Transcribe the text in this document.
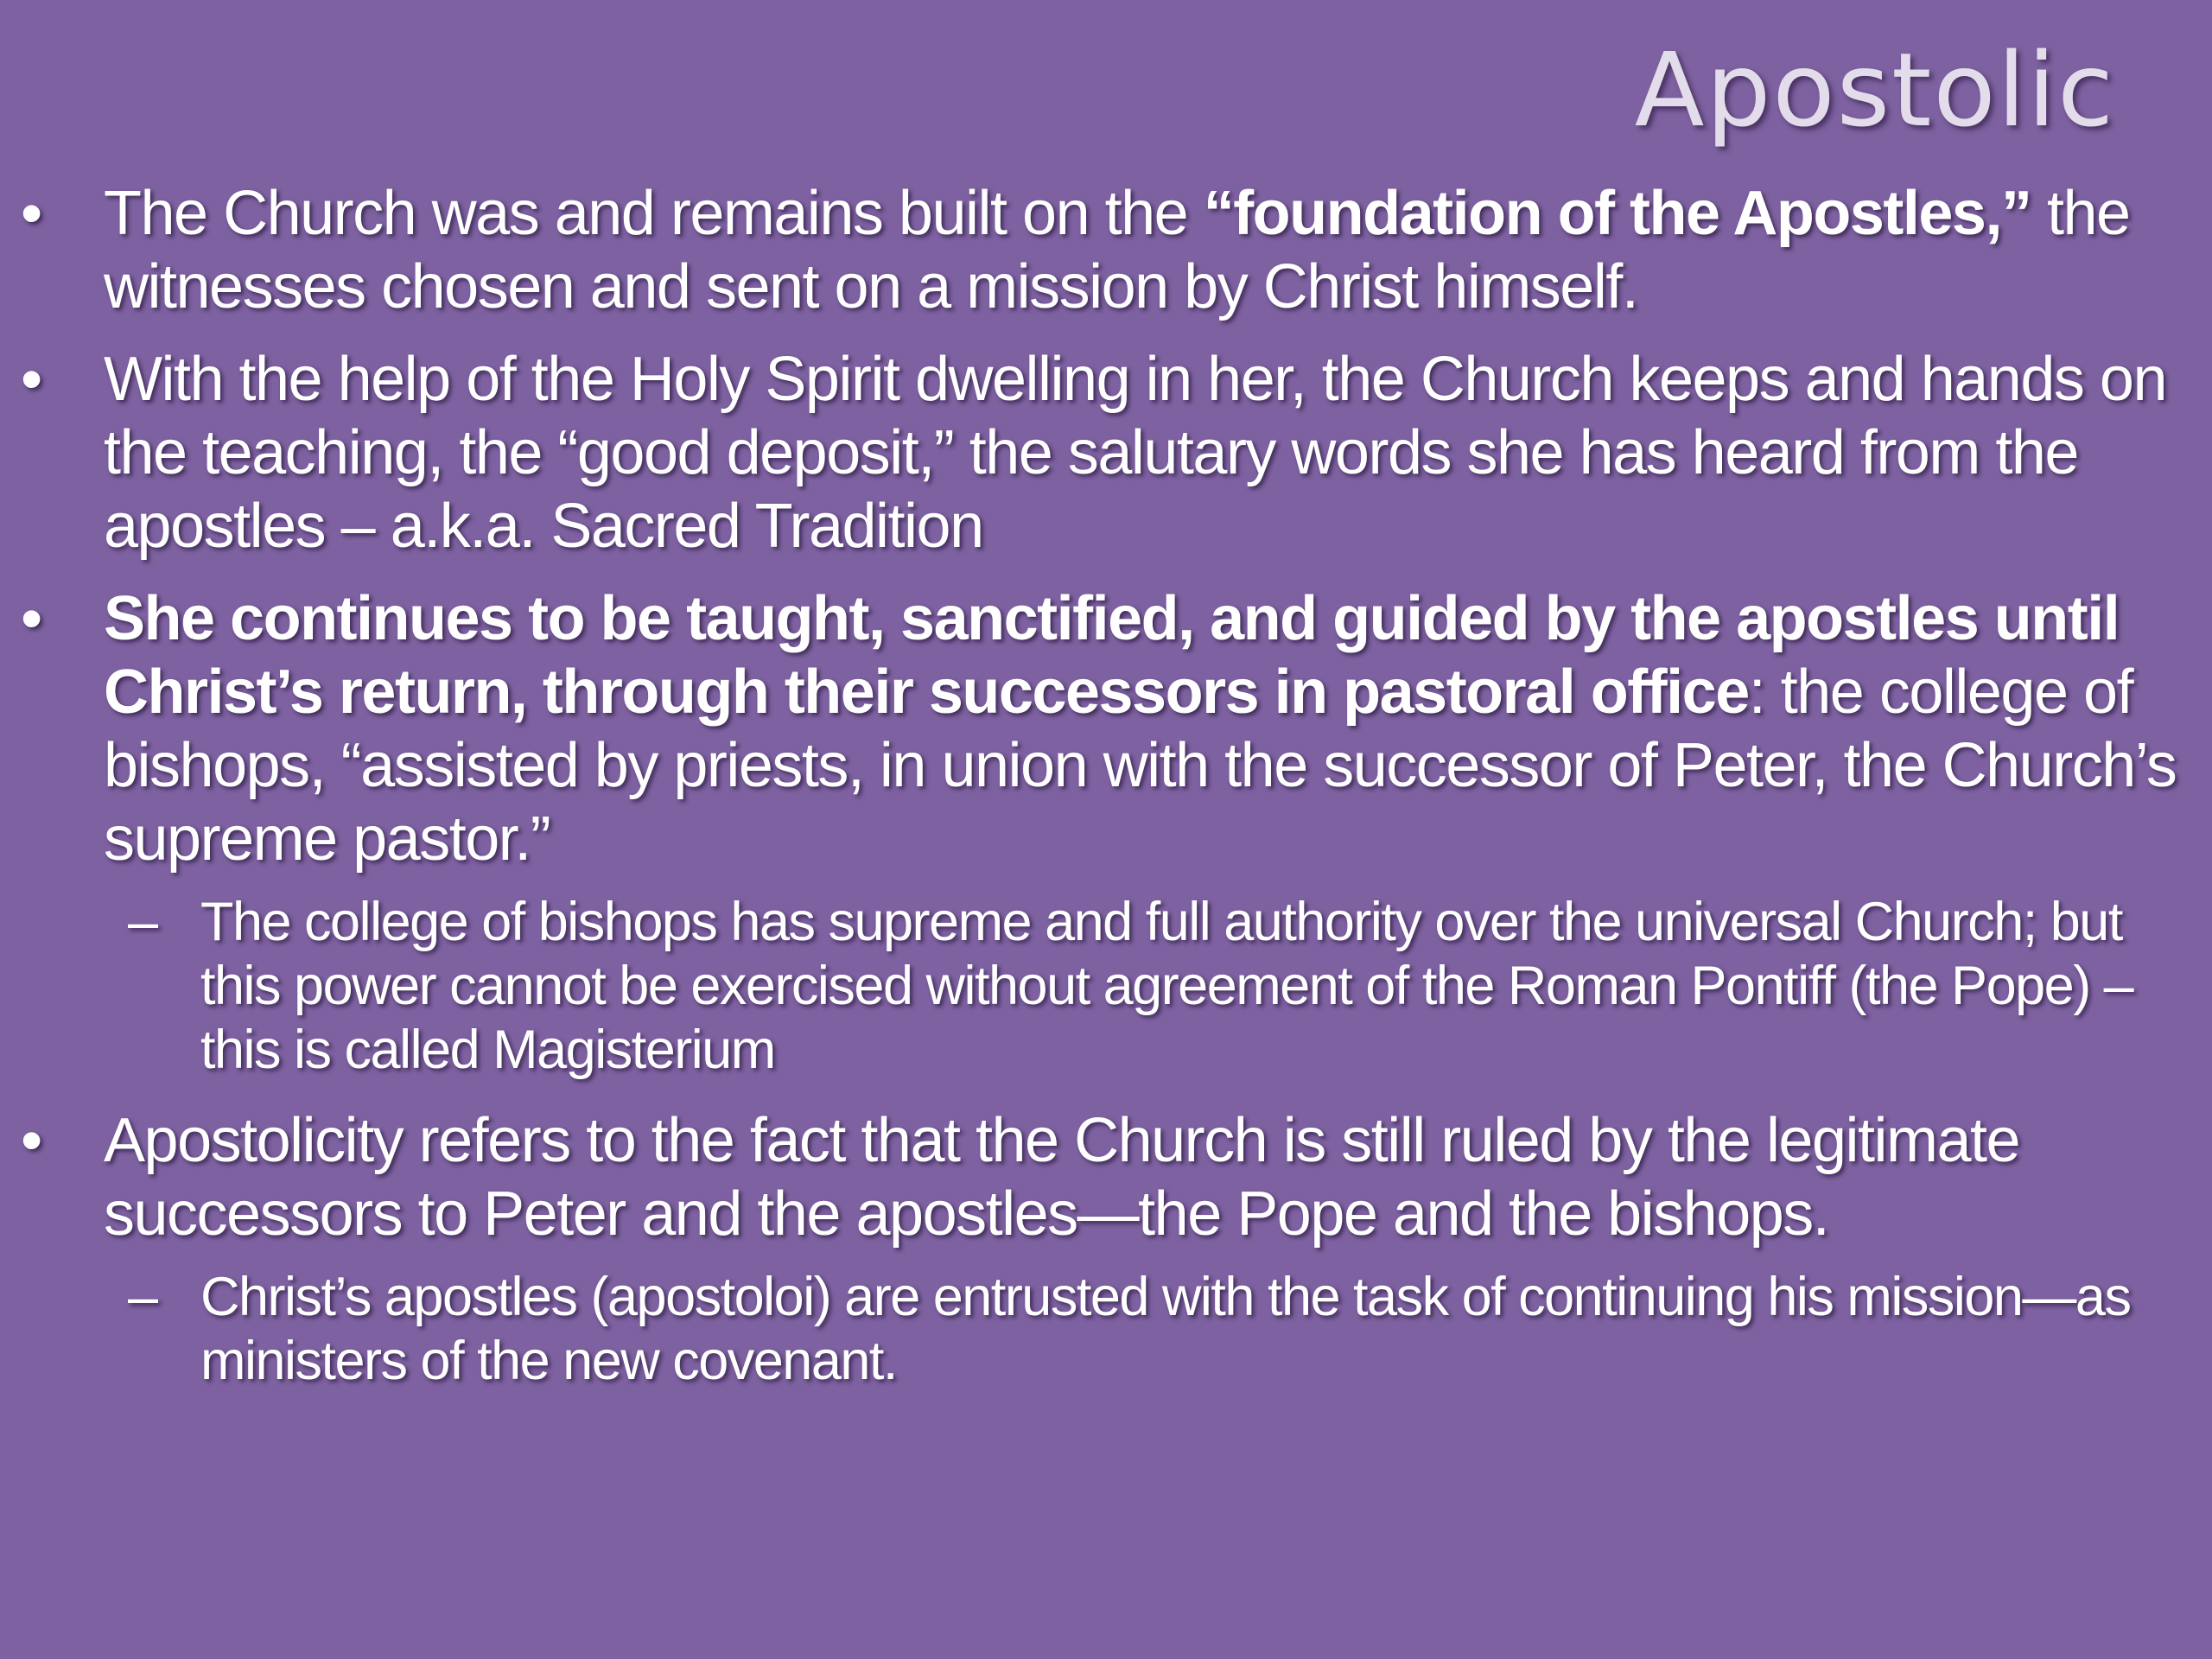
Apostolic
• The Church was and remains built on the “foundation of the Apostles,” the witnesses chosen and sent on a mission by Christ himself.
• With the help of the Holy Spirit dwelling in her, the Church keeps and hands on the teaching, the “good deposit,” the salutary words she has heard from the apostles – a.k.a. Sacred Tradition
• She continues to be taught, sanctified, and guided by the apostles until Christ’s return, through their successors in pastoral office: the college of bishops, “assisted by priests, in union with the successor of Peter, the Church’s supreme pastor.”
– The college of bishops has supreme and full authority over the universal Church; but this power cannot be exercised without agreement of the Roman Pontiff (the Pope) – this is called Magisterium
• Apostolicity refers to the fact that the Church is still ruled by the legitimate successors to Peter and the apostles—the Pope and the bishops.
– Christ’s apostles (apostoloi) are entrusted with the task of continuing his mission—as ministers of the new covenant.
